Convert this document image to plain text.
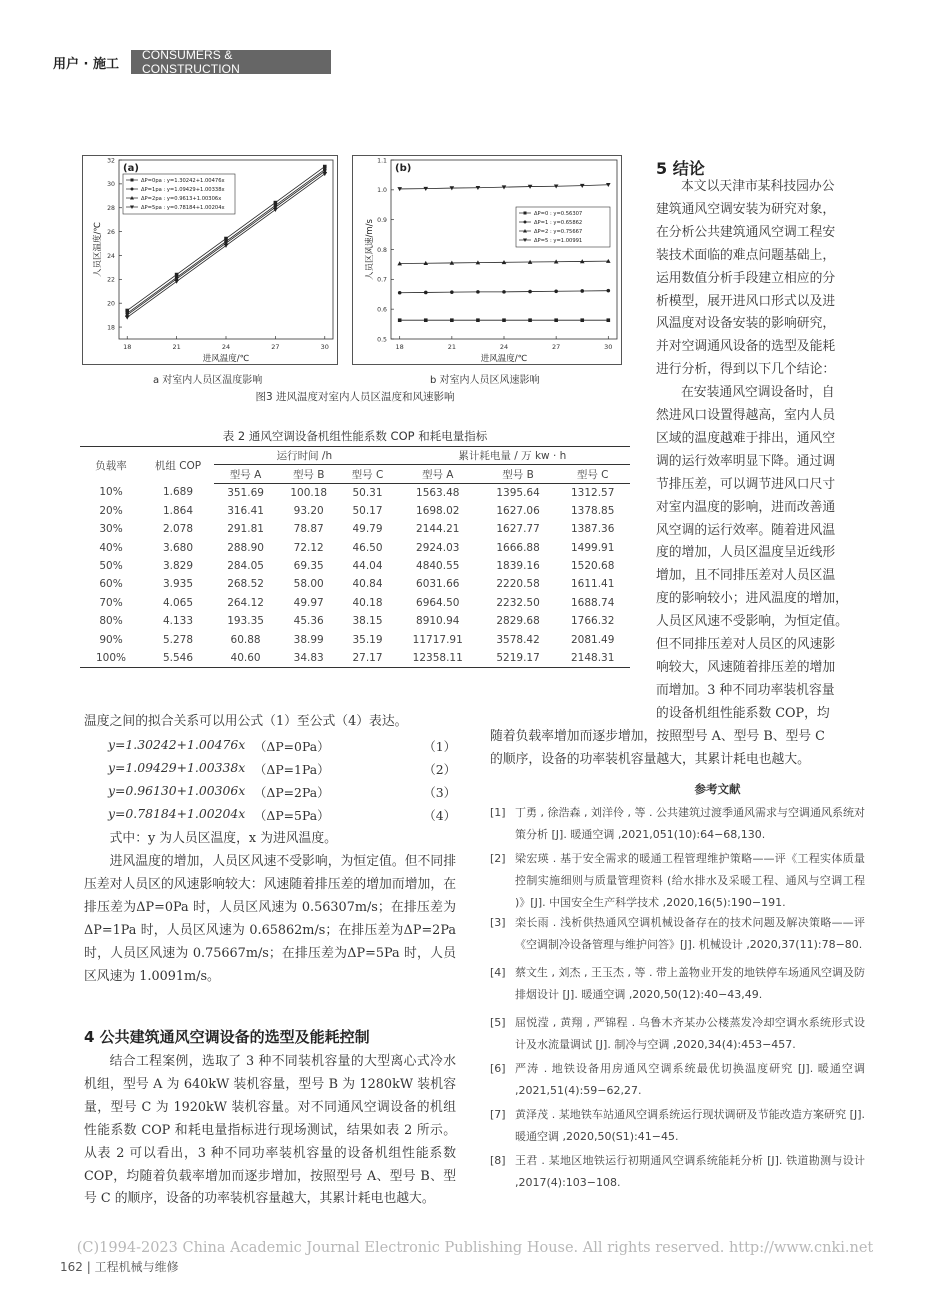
用户 · 施工
CONSUMERS & CONSTRUCTION
18	21	24	27	30
18
20
22
24
26
28
30
32
(a)
进风温度/℃
人员区温度/℃
ΔP=0pa : y=1.30242+1.00476x
ΔP=1pa : y=1.09429+1.00338x
ΔP=2pa : y=0.9613+1.00306x
ΔP=5pa : y=0.78184+1.00204x
18	21	24	27	30
0.5
0.6
0.7
0.8
0.9
1.0
1.1
(b)
进风温度/℃
人员区风速/m/s
ΔP=0 : y=0.56307
ΔP=1 : y=0.65862
ΔP=2 : y=0.75667
ΔP=5 : y=1.00991
a 对室内人员区温度影响	b 对室内人员区风速影响
图3 进风温度对室内人员区温度和风速影响
表 2 通风空调设备机组性能系数 COP 和耗电量指标
负载率	机组 COP	运行时间 /h			累计耗电量 / 万 kw · h		
		型号 A	型号 B	型号 C	型号 A	型号 B	型号 C
10%	1.689	351.69	100.18	50.31	1563.48	1395.64	1312.57
20%	1.864	316.41	93.20	50.17	1698.02	1627.06	1378.85
30%	2.078	291.81	78.87	49.79	2144.21	1627.77	1387.36
40%	3.680	288.90	72.12	46.50	2924.03	1666.88	1499.91
50%	3.829	284.05	69.35	44.04	4840.55	1839.16	1520.68
60%	3.935	268.52	58.00	40.84	6031.66	2220.58	1611.41
70%	4.065	264.12	49.97	40.18	6964.50	2232.50	1688.74
80%	4.133	193.35	45.36	38.15	8910.94	2829.68	1766.32
90%	5.278	60.88	38.99	35.19	11717.91	3578.42	2081.49
100%	5.546	40.60	34.83	27.17	12358.11	5219.17	2148.31
5 结论
本文以天津市某科技园办公
建筑通风空调安装为研究对象，
在分析公共建筑通风空调工程安
装技术面临的难点问题基础上，
运用数值分析手段建立相应的分
析模型，展开进风口形式以及进
风温度对设备安装的影响研究，
并对空调通风设备的选型及能耗
进行分析，得到以下几个结论：
在安装通风空调设备时，自
然进风口设置得越高，室内人员
区域的温度越难于排出，通风空
调的运行效率明显下降。通过调
节排压差，可以调节进风口尺寸
对室内温度的影响，进而改善通
风空调的运行效率。随着进风温
度的增加，人员区温度呈近线形
增加，且不同排压差对人员区温
度的影响较小；进风温度的增加，
人员区风速不受影响，为恒定值。
但不同排压差对人员区的风速影
响较大，风速随着排压差的增加
而增加。3 种不同功率装机容量
的设备机组性能系数 COP，均
随着负载率增加而逐步增加，按照型号 A、型号 B、型号 C
的顺序，设备的功率装机容量越大，其累计耗电也越大。
温度之间的拟合关系可以用公式（1）至公式（4）表达。
y=1.30242+1.00476x （ΔP=0Pa）	（1）
y=1.09429+1.00338x （ΔP=1Pa）	（2）
y=0.96130+1.00306x （ΔP=2Pa）	（3）
y=0.78184+1.00204x （ΔP=5Pa）	（4）
式中：y 为人员区温度，x 为进风温度。
进风温度的增加，人员区风速不受影响，为恒定值。但不同排压差对人员区的风速影响较大：风速随着排压差的增加而增加，在排压差为ΔP=0Pa 时，人员区风速为 0.56307m/s；在排压差为ΔP=1Pa 时，人员区风速为 0.65862m/s；在排压差为ΔP=2Pa 时，人员区风速为 0.75667m/s；在排压差为ΔP=5Pa 时，人员区风速为 1.0091m/s。
4 公共建筑通风空调设备的选型及能耗控制
结合工程案例，选取了 3 种不同装机容量的大型离心式冷水机组，型号 A 为 640kW 装机容量，型号 B 为 1280kW 装机容量，型号 C 为 1920kW 装机容量。对不同通风空调设备的机组性能系数 COP 和耗电量指标进行现场测试，结果如表 2 所示。从表 2 可以看出，3 种不同功率装机容量的设备机组性能系数 COP，均随着负载率增加而逐步增加，按照型号 A、型号 B、型号 C 的顺序，设备的功率装机容量越大，其累计耗电也越大。
参考文献
[1] 丁勇 , 徐浩森 , 刘洋伶 , 等 . 公共建筑过渡季通风需求与空调通风系统对策分析 [J]. 暖通空调 ,2021,051(10):64−68,130.
[2] 梁宏瑛 . 基于安全需求的暖通工程管理维护策略——评《工程实体质量控制实施细则与质量管理资料 (给水排水及采暖工程、通风与空调工程 )》[J]. 中国安全生产科学技术 ,2020,16(5):190−191.
[3] 栾长雨 . 浅析供热通风空调机械设备存在的技术问题及解决策略——评《空调制冷设备管理与维护问答》[J]. 机械设计 ,2020,37(11):78−80.
[4] 蔡文生 , 刘杰 , 王玉杰 , 等 . 带上盖物业开发的地铁停车场通风空调及防排烟设计 [J]. 暖通空调 ,2020,50(12):40−43,49.
[5] 屈悦滢 , 黄翔 , 严锦程 . 乌鲁木齐某办公楼蒸发冷却空调水系统形式设计及水流量调试 [J]. 制冷与空调 ,2020,34(4):453−457.
[6] 严涛 . 地铁设备用房通风空调系统最优切换温度研究 [J]. 暖通空调 ,2021,51(4):59−62,27.
[7] 黄泽茂 . 某地铁车站通风空调系统运行现状调研及节能改造方案研究 [J]. 暖通空调 ,2020,50(S1):41−45.
[8] 王君 . 某地区地铁运行初期通风空调系统能耗分析 [J]. 铁道勘测与设计 ,2017(4):103−108.
(C)1994-2023 China Academic Journal Electronic Publishing House. All rights reserved. http://www.cnki.net
162 | 工程机械与维修
